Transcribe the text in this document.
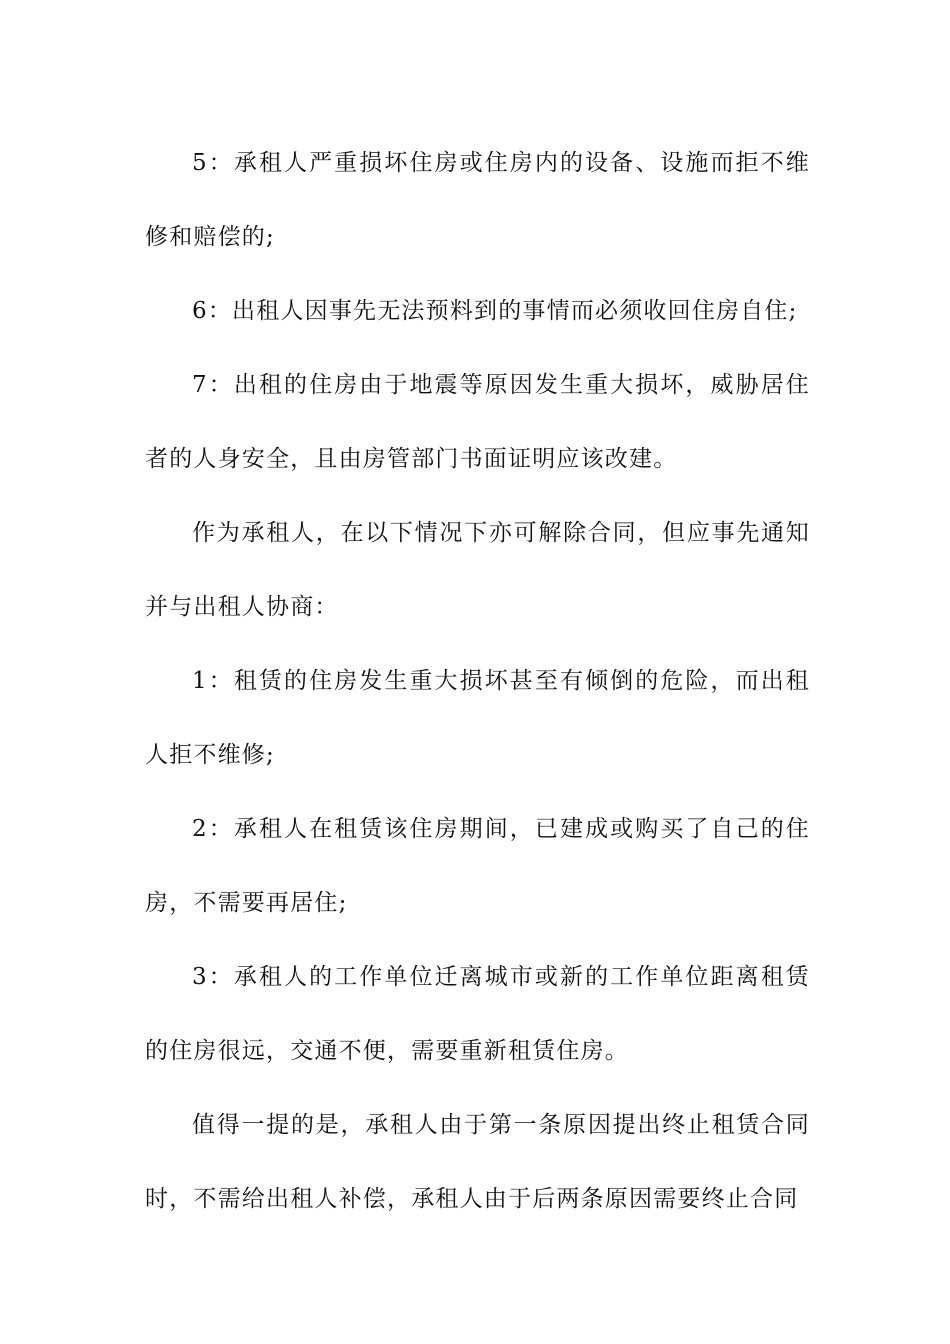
5：承租人严重损坏住房或住房内的设备、设施而拒不维修和赔偿的;

6：出租人因事先无法预料到的事情而必须收回住房自住;

7：出租的住房由于地震等原因发生重大损坏，威胁居住者的人身安全，且由房管部门书面证明应该改建。

作为承租人，在以下情况下亦可解除合同，但应事先通知并与出租人协商：

1：租赁的住房发生重大损坏甚至有倾倒的危险，而出租人拒不维修;

2：承租人在租赁该住房期间，已建成或购买了自己的住房，不需要再居住;

3：承租人的工作单位迁离城市或新的工作单位距离租赁的住房很远，交通不便，需要重新租赁住房。

值得一提的是，承租人由于第一条原因提出终止租赁合同时，不需给出租人补偿，承租人由于后两条原因需要终止合同
